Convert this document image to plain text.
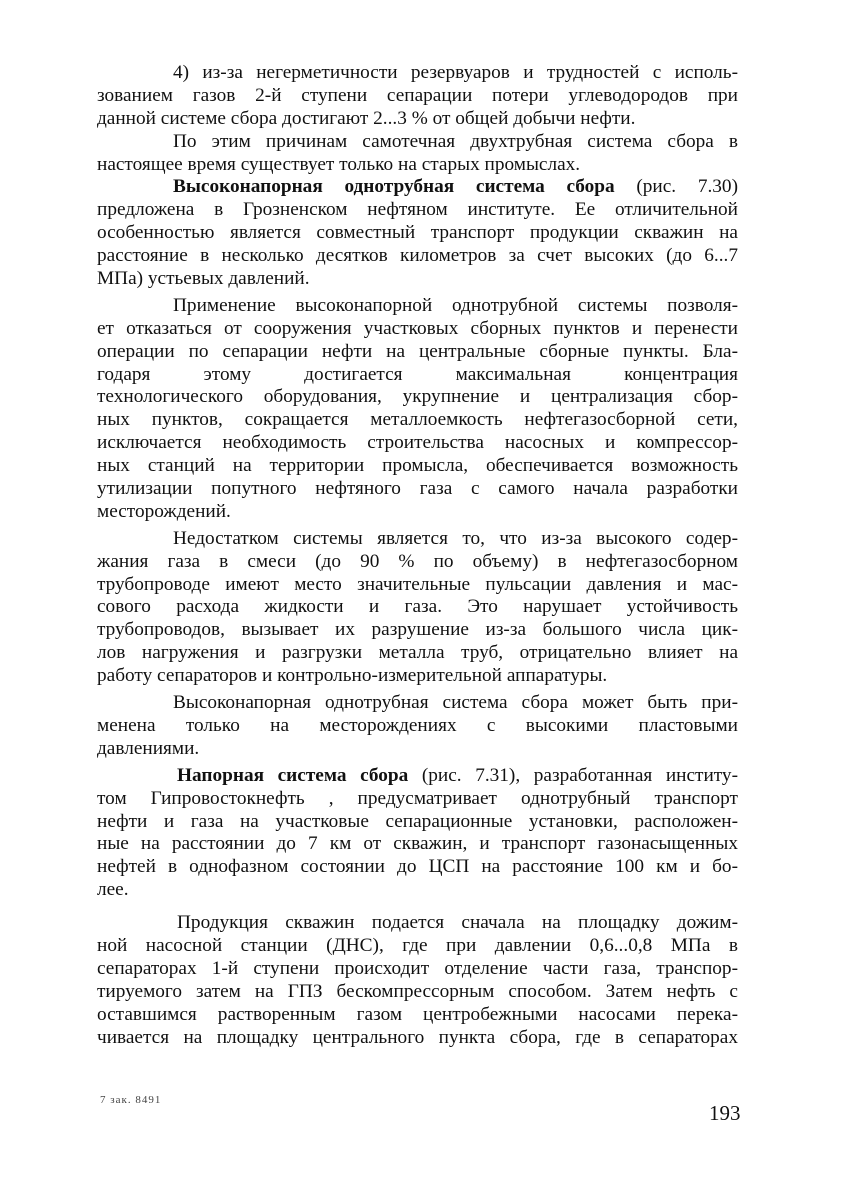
4) из-за негерметичности резервуаров и трудностей с исполь-
зованием газов 2-й ступени сепарации потери углеводородов при
данной системе сбора достигают 2...3 % от общей добычи нефти.
По этим причинам самотечная двухтрубная система сбора в
настоящее время существует только на старых промыслах.
Высоконапорная однотрубная система сбора (рис. 7.30)
предложена в Грозненском нефтяном институте. Ее отличительной
особенностью является совместный транспорт продукции скважин на
расстояние в несколько десятков километров за счет высоких (до 6...7
МПа) устьевых давлений.
Применение высоконапорной однотрубной системы позволя-
ет отказаться от сооружения участковых сборных пунктов и перенести
операции по сепарации нефти на центральные сборные пункты. Бла-
годаря этому достигается максимальная концентрация
технологического оборудования, укрупнение и централизация сбор-
ных пунктов, сокращается металлоемкость нефтегазосборной сети,
исключается необходимость строительства насосных и компрессор-
ных станций на территории промысла, обеспечивается возможность
утилизации попутного нефтяного газа с самого начала разработки
месторождений.
Недостатком системы является то, что из-за высокого содер-
жания газа в смеси (до 90 % по объему) в нефтегазосборном
трубопроводе имеют место значительные пульсации давления и мас-
сового расхода жидкости и газа. Это нарушает устойчивость
трубопроводов, вызывает их разрушение из-за большого числа цик-
лов нагружения и разгрузки металла труб, отрицательно влияет на
работу сепараторов и контрольно-измерительной аппаратуры.
Высоконапорная однотрубная система сбора может быть при-
менена только на месторождениях с высокими пластовыми
давлениями.
Напорная система сбора (рис. 7.31), разработанная институ-
том Гипровостокнефть , предусматривает однотрубный транспорт
нефти и газа на участковые сепарационные установки, расположен-
ные на расстоянии до 7 км от скважин, и транспорт газонасыщенных
нефтей в однофазном состоянии до ЦСП на расстояние 100 км и бо-
лее.
Продукция скважин подается сначала на площадку дожим-
ной насосной станции (ДНС), где при давлении 0,6...0,8 МПа в
сепараторах 1-й ступени происходит отделение части газа, транспор-
тируемого затем на ГПЗ бескомпрессорным способом. Затем нефть с
оставшимся растворенным газом центробежными насосами перека-
чивается на площадку центрального пункта сбора, где в сепараторах
7 зак. 8491
193
